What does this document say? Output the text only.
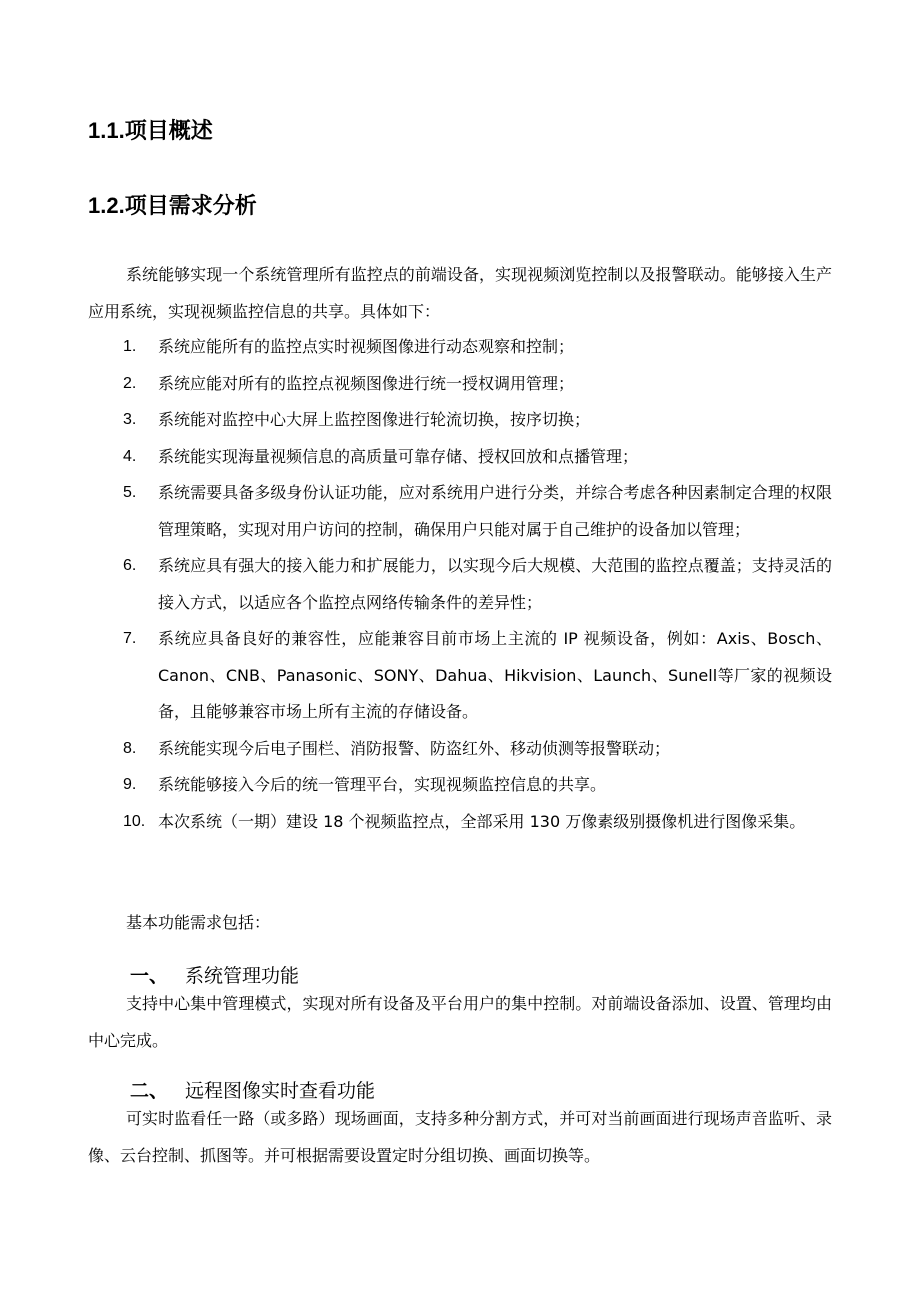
1.1.项目概述
1.2.项目需求分析
系统能够实现一个系统管理所有监控点的前端设备，实现视频浏览控制以及报警联动。能够接入生产应用系统，实现视频监控信息的共享。具体如下：
1. 系统应能所有的监控点实时视频图像进行动态观察和控制；
2. 系统应能对所有的监控点视频图像进行统一授权调用管理；
3. 系统能对监控中心大屏上监控图像进行轮流切换，按序切换；
4. 系统能实现海量视频信息的高质量可靠存储、授权回放和点播管理；
5. 系统需要具备多级身份认证功能，应对系统用户进行分类，并综合考虑各种因素制定合理的权限管理策略，实现对用户访问的控制，确保用户只能对属于自己维护的设备加以管理；
6. 系统应具有强大的接入能力和扩展能力，以实现今后大规模、大范围的监控点覆盖；支持灵活的接入方式，以适应各个监控点网络传输条件的差异性；
7. 系统应具备良好的兼容性，应能兼容目前市场上主流的 IP 视频设备，例如：Axis、Bosch、Canon、CNB、Panasonic、SONY、Dahua、Hikvision、Launch、Sunell等厂家的视频设备，且能够兼容市场上所有主流的存储设备。
8. 系统能实现今后电子围栏、消防报警、防盗红外、移动侦测等报警联动；
9. 系统能够接入今后的统一管理平台，实现视频监控信息的共享。
10. 本次系统（一期）建设 18 个视频监控点，全部采用 130 万像素级别摄像机进行图像采集。
基本功能需求包括：
一、 系统管理功能
支持中心集中管理模式，实现对所有设备及平台用户的集中控制。对前端设备添加、设置、管理均由中心完成。
二、 远程图像实时查看功能
可实时监看任一路（或多路）现场画面，支持多种分割方式，并可对当前画面进行现场声音监听、录像、云台控制、抓图等。并可根据需要设置定时分组切换、画面切换等。
